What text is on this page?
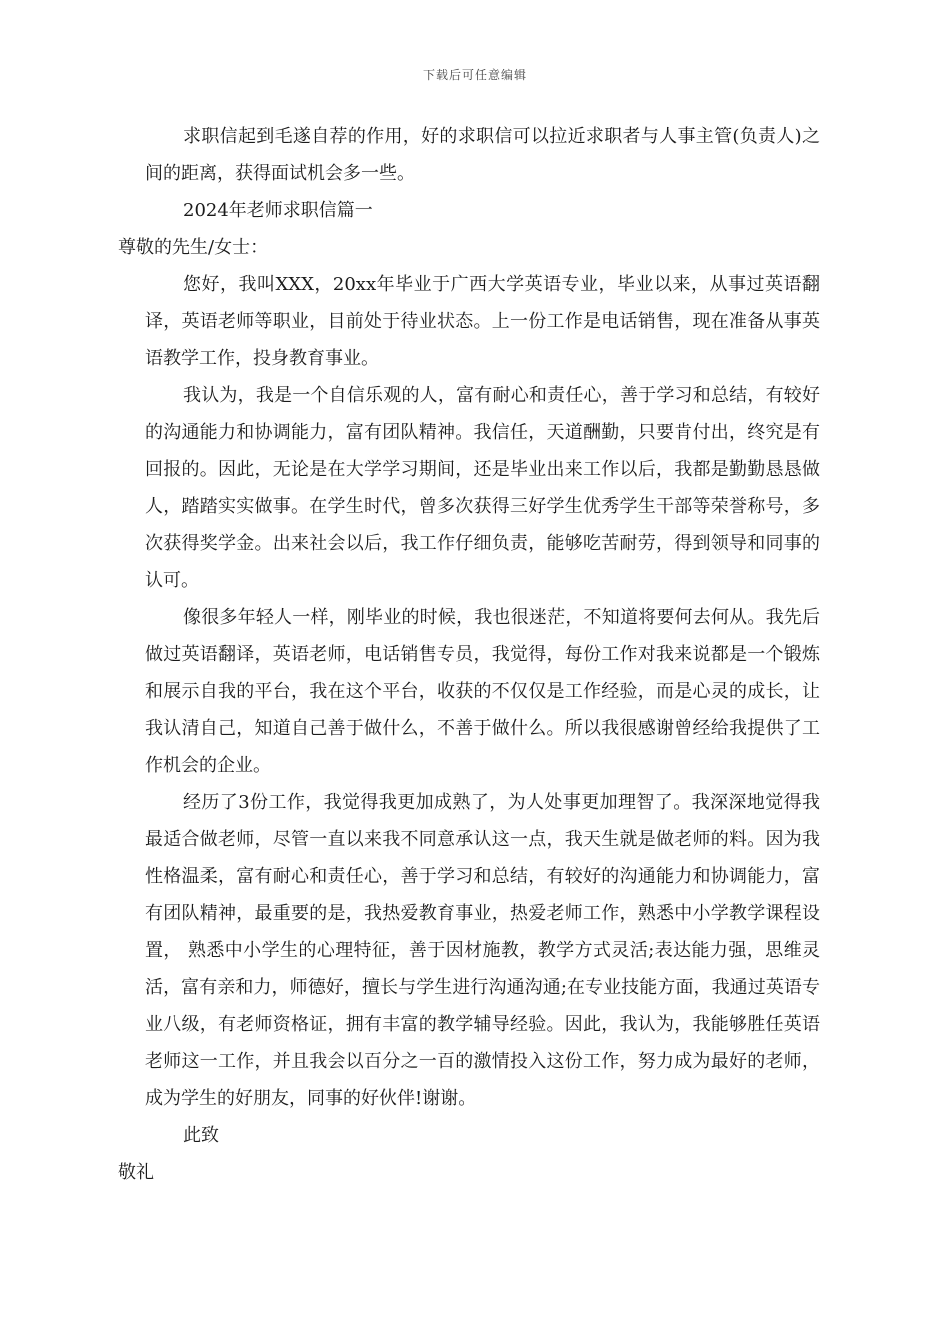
下载后可任意编辑

求职信起到毛遂自荐的作用，好的求职信可以拉近求职者与人事主管(负责人)之间的距离，获得面试机会多一些。

2024年老师求职信篇一

尊敬的先生/女士：

您好，我叫XXX，20xx年毕业于广西大学英语专业，毕业以来，从事过英语翻译，英语老师等职业，目前处于待业状态。上一份工作是电话销售，现在准备从事英语教学工作，投身教育事业。

我认为，我是一个自信乐观的人，富有耐心和责任心，善于学习和总结，有较好的沟通能力和协调能力，富有团队精神。我信任，天道酬勤，只要肯付出，终究是有回报的。因此，无论是在大学学习期间，还是毕业出来工作以后，我都是勤勤恳恳做人，踏踏实实做事。在学生时代，曾多次获得三好学生优秀学生干部等荣誉称号，多次获得奖学金。出来社会以后，我工作仔细负责，能够吃苦耐劳，得到领导和同事的认可。

像很多年轻人一样，刚毕业的时候，我也很迷茫，不知道将要何去何从。我先后做过英语翻译，英语老师，电话销售专员，我觉得，每份工作对我来说都是一个锻炼和展示自我的平台，我在这个平台，收获的不仅仅是工作经验，而是心灵的成长，让我认清自己，知道自己善于做什么，不善于做什么。所以我很感谢曾经给我提供了工作机会的企业。

经历了3份工作，我觉得我更加成熟了，为人处事更加理智了。我深深地觉得我最适合做老师，尽管一直以来我不同意承认这一点，我天生就是做老师的料。因为我性格温柔，富有耐心和责任心，善于学习和总结，有较好的沟通能力和协调能力，富有团队精神，最重要的是，我热爱教育事业，热爱老师工作，熟悉中小学教学课程设置， 熟悉中小学生的心理特征，善于因材施教，教学方式灵活;表达能力强，思维灵活，富有亲和力，师德好，擅长与学生进行沟通沟通;在专业技能方面，我通过英语专业八级，有老师资格证，拥有丰富的教学辅导经验。因此，我认为，我能够胜任英语老师这一工作，并且我会以百分之一百的激情投入这份工作，努力成为最好的老师，成为学生的好朋友，同事的好伙伴!谢谢。

此致

敬礼
